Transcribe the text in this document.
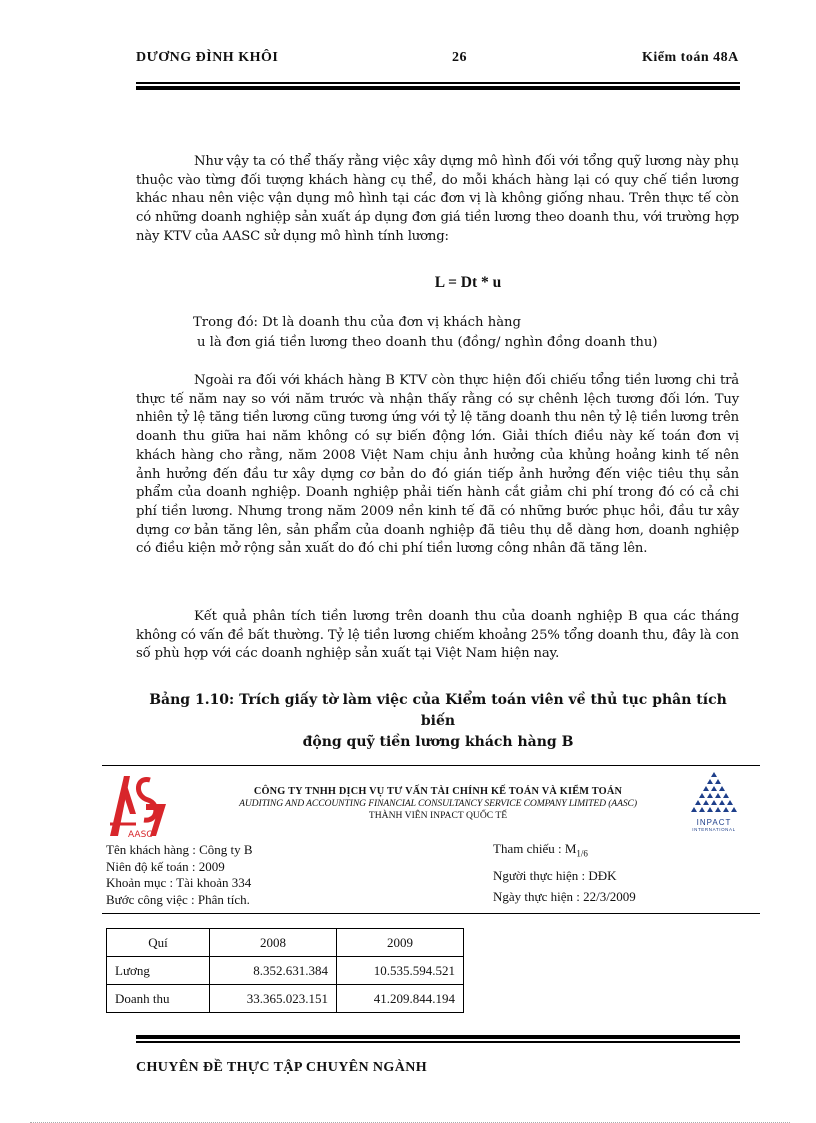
DƯƠNG ĐÌNH KHÔI	26	Kiểm toán 48A

Như vậy ta có thể thấy rằng việc xây dựng mô hình đối với tổng quỹ lương này phụ thuộc vào từng đối tượng khách hàng cụ thể, do mỗi khách hàng lại có quy chế tiền lương khác nhau nên việc vận dụng mô hình tại các đơn vị là không giống nhau. Trên thực tế còn có những doanh nghiệp sản xuất áp dụng đơn giá tiền lương theo doanh thu, với trường hợp này KTV của AASC sử dụng mô hình tính lương:

L = Dt * u
Trong đó: Dt là doanh thu của đơn vị khách hàng
u là đơn giá tiền lương theo doanh thu (đồng/ nghìn đồng doanh thu)

Ngoài ra đối với khách hàng B KTV còn thực hiện đối chiếu tổng tiền lương chi trả thực tế năm nay so với năm trước và nhận thấy rằng có sự chênh lệch tương đối lớn. Tuy nhiên tỷ lệ tăng tiền lương cũng tương ứng với tỷ lệ tăng doanh thu nên tỷ lệ tiền lương trên doanh thu giữa hai năm không có sự biến động lớn. Giải thích điều này kế toán đơn vị khách hàng cho rằng, năm 2008 Việt Nam chịu ảnh hưởng của khủng hoảng kinh tế nên ảnh hưởng đến đầu tư xây dựng cơ bản do đó gián tiếp ảnh hưởng đến việc tiêu thụ sản phẩm của doanh nghiệp. Doanh nghiệp phải tiến hành cắt giảm chi phí trong đó có cả chi phí tiền lương. Nhưng trong năm 2009 nền kinh tế đã có những bước phục hồi, đầu tư xây dựng cơ bản tăng lên, sản phẩm của doanh nghiệp đã tiêu thụ dễ dàng hơn, doanh nghiệp có điều kiện mở rộng sản xuất do đó chi phí tiền lương công nhân đã tăng lên.

Kết quả phân tích tiền lương trên doanh thu của doanh nghiệp B qua các tháng không có vấn đề bất thường. Tỷ lệ tiền lương chiếm khoảng 25% tổng doanh thu, đây là con số phù hợp với các doanh nghiệp sản xuất tại Việt Nam hiện nay.

Bảng 1.10: Trích giấy tờ làm việc của Kiểm toán viên về thủ tục phân tích biến
động quỹ tiền lương khách hàng B
AASC
CÔNG TY TNHH DỊCH VỤ TƯ VẤN TÀI CHÍNH KẾ TOÁN VÀ KIỂM TOÁN
AUDITING AND ACCOUNTING FINANCIAL CONSULTANCY SERVICE COMPANY LIMITED (AASC)
THÀNH VIÊN INPACT QUỐC TẾ
INPACT
INTERNATIONAL
Tên khách hàng : Công ty B
Niên độ kế toán : 2009
Khoản mục : Tài khoản 334
Bước công việc : Phân tích.
Tham chiếu : $M_{1/6}$
Người thực hiện : DĐK
Ngày thực hiện : 22/3/2009
Quí	2008	2009
Lương	8.352.631.384	10.535.594.521
Doanh thu	33.365.023.151	41.209.844.194
CHUYÊN ĐỀ THỰC TẬP CHUYÊN NGÀNH
